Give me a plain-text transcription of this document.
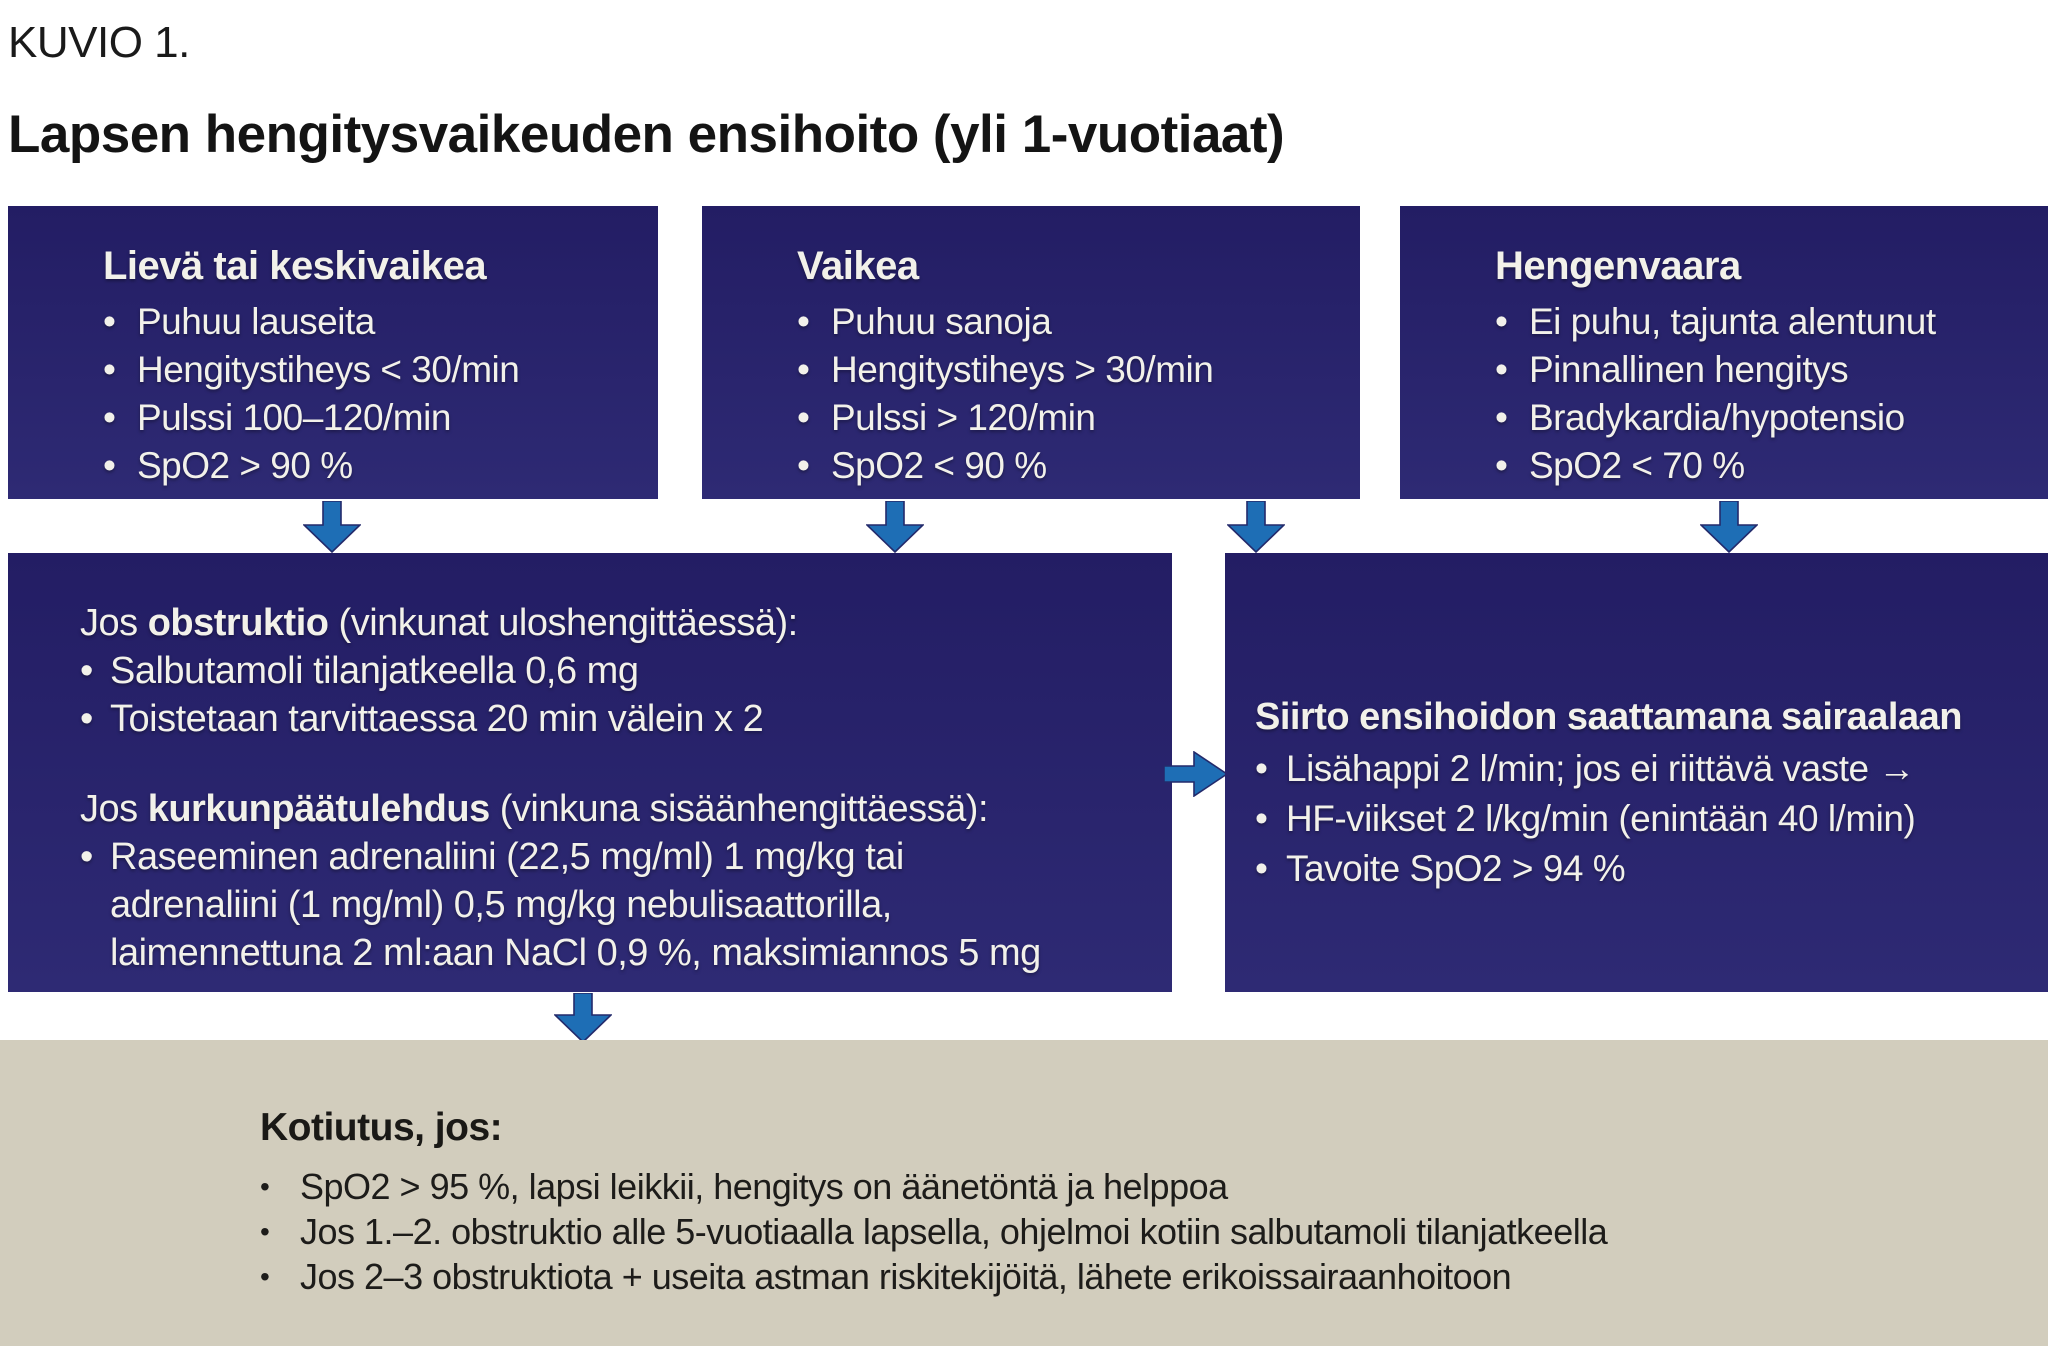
KUVIO 1.
Lapsen hengitysvaikeuden ensihoito (yli 1-vuotiaat)
Lievä tai keskivaikea
• Puhuu lauseita
• Hengitystiheys < 30/min
• Pulssi 100–120/min
• SpO2 > 90 %
Vaikea
• Puhuu sanoja
• Hengitystiheys > 30/min
• Pulssi > 120/min
• SpO2 < 90 %
Hengenvaara
• Ei puhu, tajunta alentunut
• Pinnallinen hengitys
• Bradykardia/hypotensio
• SpO2 < 70 %
Jos obstruktio (vinkunat uloshengittäessä):
• Salbutamoli tilanjatkeella 0,6 mg
• Toistetaan tarvittaessa 20 min välein x 2
Jos kurkunpäätulehdus (vinkuna sisäänhengittäessä):
• Raseeminen adrenaliini (22,5 mg/ml) 1 mg/kg tai
adrenaliini (1 mg/ml) 0,5 mg/kg nebulisaattorilla,
laimennettuna 2 ml:aan NaCl 0,9 %, maksimiannos 5 mg
Siirto ensihoidon saattamana sairaalaan
• Lisähappi 2 l/min; jos ei riittävä vaste →
• HF-viikset 2 l/kg/min (enintään 40 l/min)
• Tavoite SpO2 > 94 %
Kotiutus, jos:
• SpO2 > 95 %, lapsi leikkii, hengitys on äänetöntä ja helppoa
• Jos 1.–2. obstruktio alle 5-vuotiaalla lapsella, ohjelmoi kotiin salbutamoli tilanjatkeella
• Jos 2–3 obstruktiota + useita astman riskitekijöitä, lähete erikoissairaanhoitoon
